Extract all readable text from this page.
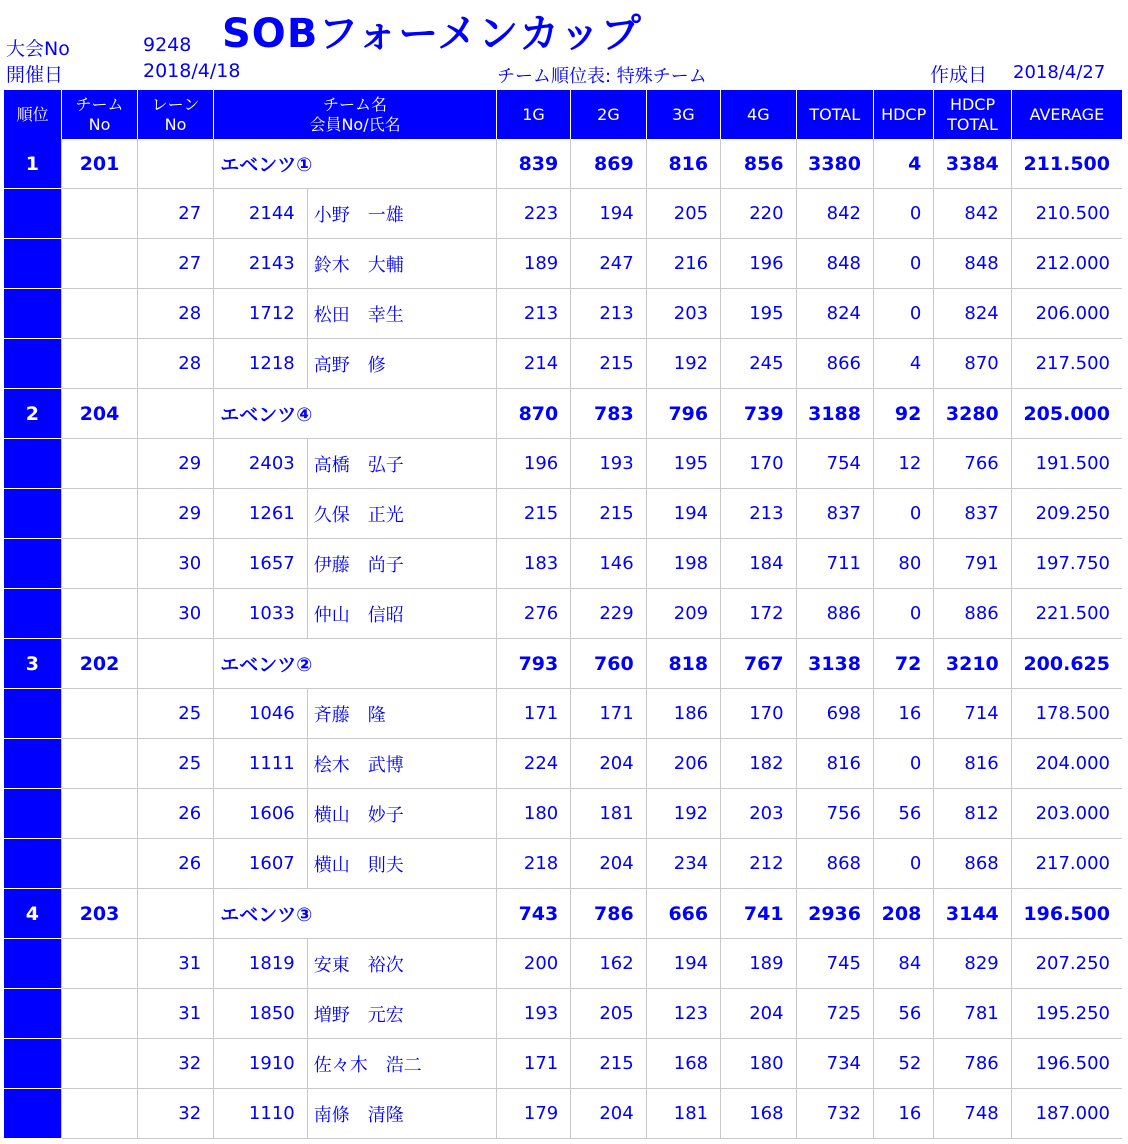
大会No	9248 SOBフォーメンカップ
開催日	2018/4/18	チーム順位表: 特殊チーム	作成日 2018/4/27
順位	チーム
No	レーン
No	チーム名
会員No/氏名		1G	2G	3G	4G	TOTAL	HDCP	HDCP
TOTAL	AVERAGE
1	201		エベンツ①		839	869	816	856	3380	4	3384	211.500
		27	2144	小野　一雄	223	194	205	220	842	0	842	210.500
		27	2143	鈴木　大輔	189	247	216	196	848	0	848	212.000
		28	1712	松田　幸生	213	213	203	195	824	0	824	206.000
		28	1218	高野　修	214	215	192	245	866	4	870	217.500
2	204		エベンツ④		870	783	796	739	3188	92	3280	205.000
		29	2403	高橋　弘子	196	193	195	170	754	12	766	191.500
		29	1261	久保　正光	215	215	194	213	837	0	837	209.250
		30	1657	伊藤　尚子	183	146	198	184	711	80	791	197.750
		30	1033	仲山　信昭	276	229	209	172	886	0	886	221.500
3	202		エベンツ②		793	760	818	767	3138	72	3210	200.625
		25	1046	斉藤　隆	171	171	186	170	698	16	714	178.500
		25	1111	桧木　武博	224	204	206	182	816	0	816	204.000
		26	1606	横山　妙子	180	181	192	203	756	56	812	203.000
		26	1607	横山　則夫	218	204	234	212	868	0	868	217.000
4	203		エベンツ③		743	786	666	741	2936	208	3144	196.500
		31	1819	安東　裕次	200	162	194	189	745	84	829	207.250
		31	1850	増野　元宏	193	205	123	204	725	56	781	195.250
		32	1910	佐々木　浩二	171	215	168	180	734	52	786	196.500
		32	1110	南條　清隆	179	204	181	168	732	16	748	187.000
